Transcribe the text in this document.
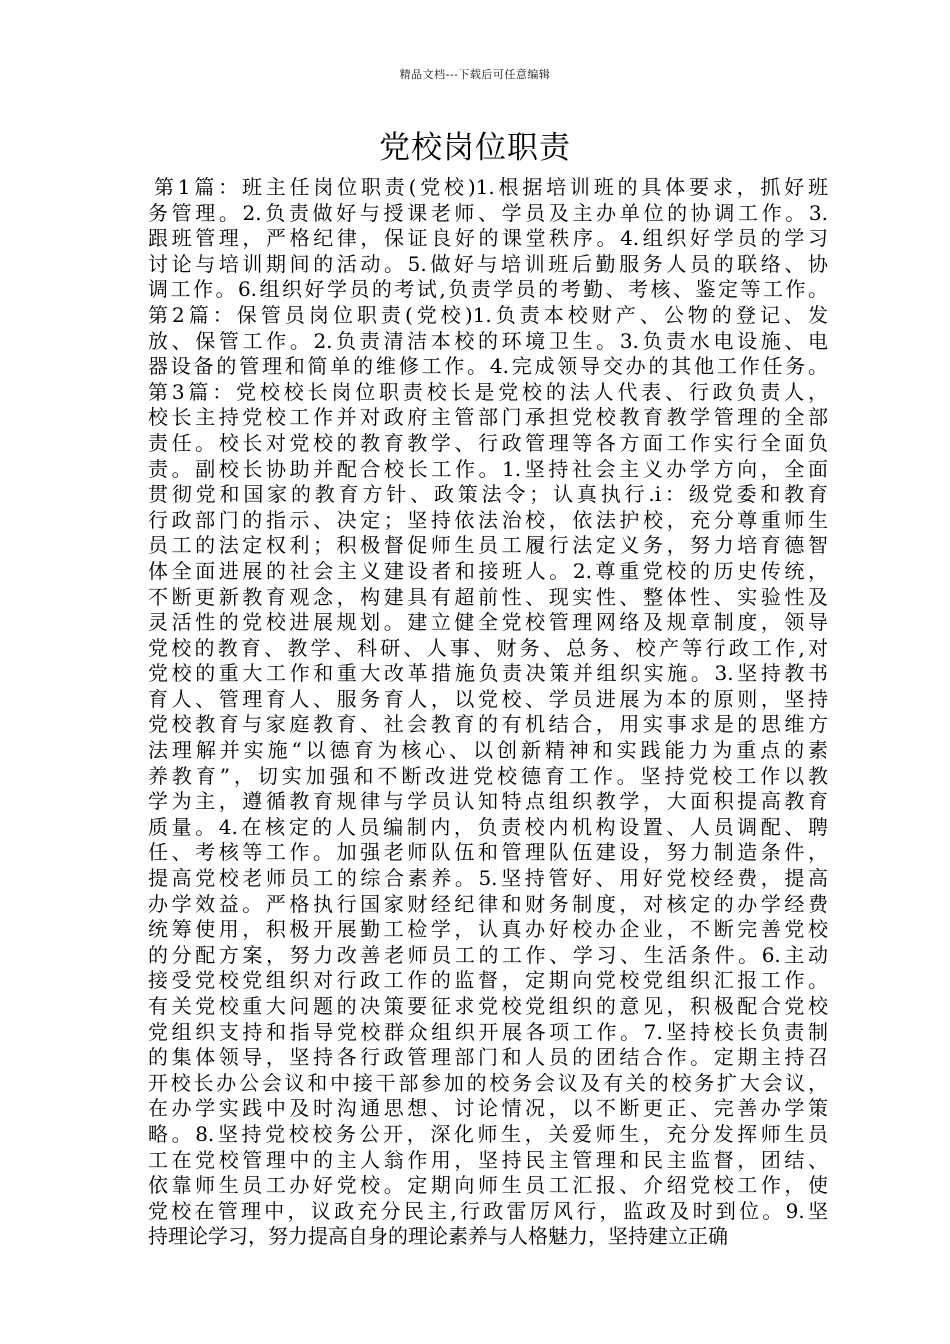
精品文档---下载后可任意编辑
党校岗位职责
第1篇：班主任岗位职责(党校)1.根据培训班的具体要求，抓好班
务管理。2.负责做好与授课老师、学员及主办单位的协调工作。3.
跟班管理，严格纪律，保证良好的课堂秩序。4.组织好学员的学习
讨论与培训期间的活动。5.做好与培训班后勤服务人员的联络、协
调工作。6.组织好学员的考试,负责学员的考勤、考核、鉴定等工作。
第2篇：保管员岗位职责(党校)1.负责本校财产、公物的登记、发
放、保管工作。2.负责清洁本校的环境卫生。3.负责水电设施、电
器设备的管理和简单的维修工作。4.完成领导交办的其他工作任务。
第3篇：党校校长岗位职责校长是党校的法人代表、行政负责人，
校长主持党校工作并对政府主管部门承担党校教育教学管理的全部
责任。校长对党校的教育教学、行政管理等各方面工作实行全面负
责。副校长协助并配合校长工作。1.坚持社会主义办学方向，全面
贯彻党和国家的教育方针、政策法令；认真执行.i：级党委和教育
行政部门的指示、决定；坚持依法治校，依法护校，充分尊重师生
员工的法定权利；积极督促师生员工履行法定义务，努力培育德智
体全面进展的社会主义建设者和接班人。2.尊重党校的历史传统，
不断更新教育观念，构建具有超前性、现实性、整体性、实验性及
灵活性的党校进展规划。建立健全党校管理网络及规章制度，领导
党校的教育、教学、科研、人事、财务、总务、校产等行政工作,对
党校的重大工作和重大改革措施负责决策并组织实施。3.坚持教书
育人、管理育人、服务育人，以党校、学员进展为本的原则，坚持
党校教育与家庭教育、社会教育的有机结合，用实事求是的思维方
法理解并实施“以德育为核心、以创新精神和实践能力为重点的素
养教育”，切实加强和不断改进党校德育工作。坚持党校工作以教
学为主，遵循教育规律与学员认知特点组织教学，大面积提高教育
质量。4.在核定的人员编制内，负责校内机构设置、人员调配、聘
任、考核等工作。加强老师队伍和管理队伍建设，努力制造条件，
提高党校老师员工的综合素养。5.坚持管好、用好党校经费，提高
办学效益。严格执行国家财经纪律和财务制度，对核定的办学经费
统筹使用，积极开展勤工检学，认真办好校办企业，不断完善党校
的分配方案，努力改善老师员工的工作、学习、生活条件。6.主动
接受党校党组织对行政工作的监督，定期向党校党组织汇报工作。
有关党校重大问题的决策要征求党校党组织的意见，积极配合党校
党组织支持和指导党校群众组织开展各项工作。7.坚持校长负责制
的集体领导，坚持各行政管理部门和人员的团结合作。定期主持召
开校长办公会议和中接干部参加的校务会议及有关的校务扩大会议，
在办学实践中及时沟通思想、讨论情况，以不断更正、完善办学策
略。8.坚持党校校务公开，深化师生，关爱师生，充分发挥师生员
工在党校管理中的主人翁作用，坚持民主管理和民主监督，团结、
依靠师生员工办好党校。定期向师生员工汇报、介绍党校工作，使
党校在管理中，议政充分民主,行政雷厉风行，监政及时到位。9.坚
持理论学习，努力提高自身的理论素养与人格魅力，坚持建立正确
